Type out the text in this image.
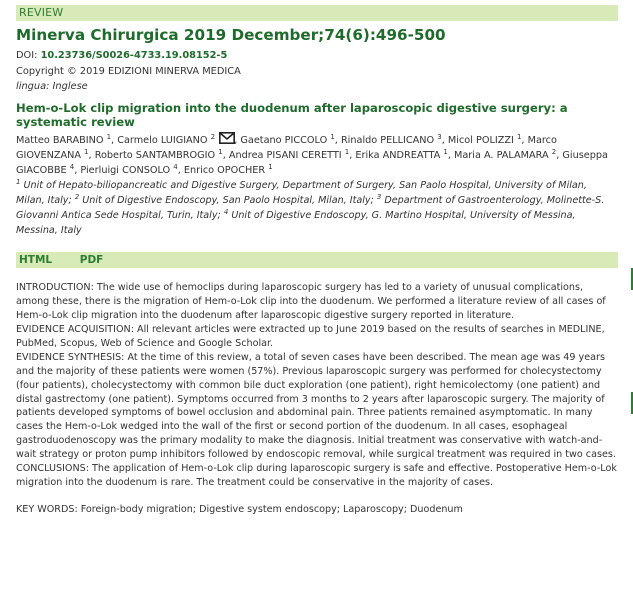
REVIEW
Minerva Chirurgica 2019 December;74(6):496-500
DOI: 10.23736/S0026-4733.19.08152-5
Copyright © 2019 EDIZIONI MINERVA MEDICA
lingua: Inglese
Hem-o-Lok clip migration into the duodenum after laparoscopic digestive surgery: a systematic review
Matteo BARABINO $^1$, Carmelo LUIGIANO $^2$ , Gaetano PICCOLO $^1$, Rinaldo PELLICANO $^3$, Micol POLIZZI $^1$, Marco GIOVENZANA $^1$, Roberto SANTAMBROGIO $^1$, Andrea PISANI CERETTI $^1$, Erika ANDREATTA $^1$, Maria A. PALAMARA $^2$, Giuseppa GIACOBBE $^4$, Pierluigi CONSOLO $^4$, Enrico OPOCHER $^1$
$^1$ Unit of Hepato-biliopancreatic and Digestive Surgery, Department of Surgery, San Paolo Hospital, University of Milan, Milan, Italy; $^2$ Unit of Digestive Endoscopy, San Paolo Hospital, Milan, Italy; $^3$ Department of Gastroenterology, Molinette-S. Giovanni Antica Sede Hospital, Turin, Italy; $^4$ Unit of Digestive Endoscopy, G. Martino Hospital, University of Messina, Messina, Italy
HTML	PDF

INTRODUCTION: The wide use of hemoclips during laparoscopic surgery has led to a variety of unusual complications, among these, there is the migration of Hem-o-Lok clip into the duodenum. We performed a literature review of all cases of Hem-o-Lok clip migration into the duodenum after laparoscopic digestive surgery reported in literature.

EVIDENCE ACQUISITION: All relevant articles were extracted up to June 2019 based on the results of searches in MEDLINE, PubMed, Scopus, Web of Science and Google Scholar.

EVIDENCE SYNTHESIS: At the time of this review, a total of seven cases have been described. The mean age was 49 years and the majority of these patients were women (57%). Previous laparoscopic surgery was performed for cholecystectomy (four patients), cholecystectomy with common bile duct exploration (one patient), right hemicolectomy (one patient) and distal gastrectomy (one patient). Symptoms occurred from 3 months to 2 years after laparoscopic surgery. The majority of patients developed symptoms of bowel occlusion and abdominal pain. Three patients remained asymptomatic. In many cases the Hem-o-Lok wedged into the wall of the first or second portion of the duodenum. In all cases, esophageal gastroduodenoscopy was the primary modality to make the diagnosis. Initial treatment was conservative with watch-and-wait strategy or proton pump inhibitors followed by endoscopic removal, while surgical treatment was required in two cases.

CONCLUSIONS: The application of Hem-o-Lok clip during laparoscopic surgery is safe and effective. Postoperative Hem-o-Lok migration into the duodenum is rare. The treatment could be conservative in the majority of cases.

KEY WORDS: Foreign-body migration; Digestive system endoscopy; Laparoscopy; Duodenum
